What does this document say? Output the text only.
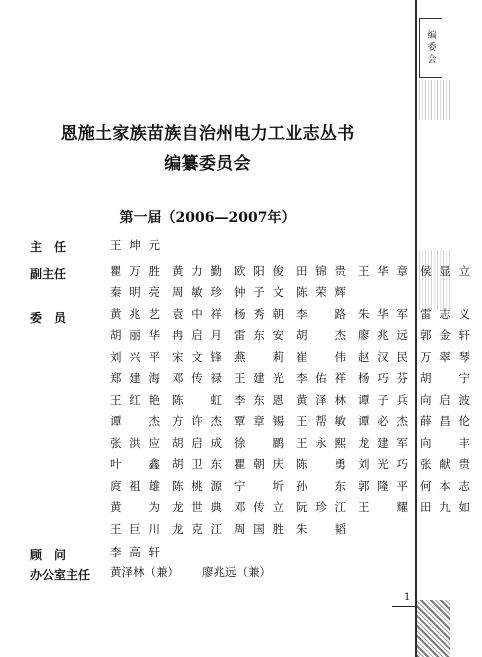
编委会
恩施土家族苗族自治州电力工业志丛书
编纂委员会
第一届（2006—2007年）
主　任	王坤元
副主任	瞿万胜	黄力勤	欧阳俊	田锦贵	王华章	侯显立
秦明亮	周敏珍	钟子文	陈荣辉
委　员	黄兆艺	袁中祥	杨秀朝	李　路	朱华军	雷志义
胡丽华	冉启月	雷东安	胡　杰	廖兆远	郭金轩
刘兴平	宋文锋	燕　莉	崔　伟	赵汉民	万翠琴
郑建海	邓传禄	王建光	李佑祥	杨巧芬	胡　宁
王红艳	陈　虹	李东恩	黄泽林	谭子兵	向启波
谭　杰	方许杰	覃章锡	王帮敏	谭必杰	薛昌伦
张洪应	胡启成	徐　鹛	王永熙	龙建军	向　丰
叶　鑫	胡卫东	瞿朝庆	陈　勇	刘光巧	张献贵
庹祖雄	陈桃源	宁　圻	孙　东	郭隆平	何本志
黄　为	龙世典	邓传立	阮珍江	王　耀	田九如
王巨川	龙克江	周国胜	朱　韬
顾　问	李高轩
办公室主任 黄泽林（兼）	廖兆远（兼）
1
